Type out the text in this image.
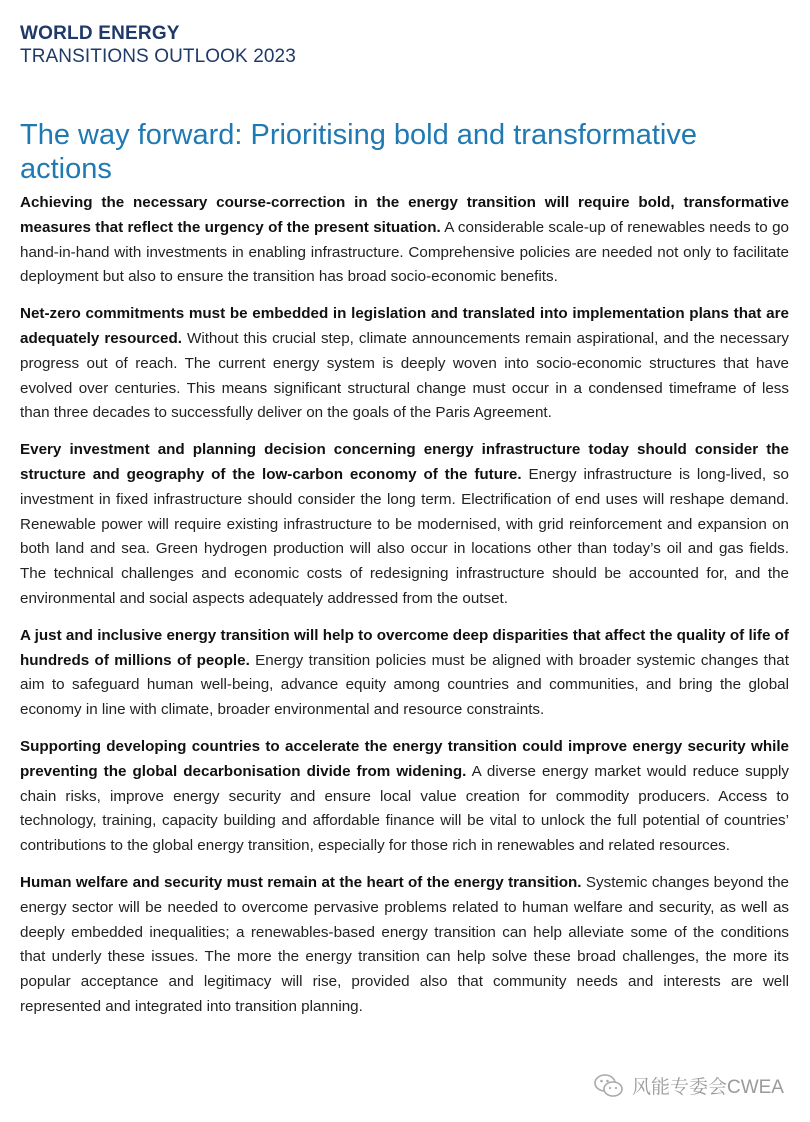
WORLD ENERGY
TRANSITIONS OUTLOOK 2023
The way forward: Prioritising bold and transformative actions

Achieving the necessary course-correction in the energy transition will require bold, transformative measures that reflect the urgency of the present situation. A considerable scale-up of renewables needs to go hand-in-hand with investments in enabling infrastructure. Comprehensive policies are needed not only to facilitate deployment but also to ensure the transition has broad socio-economic benefits.

Net-zero commitments must be embedded in legislation and translated into implementation plans that are adequately resourced. Without this crucial step, climate announcements remain aspirational, and the necessary progress out of reach. The current energy system is deeply woven into socio-economic structures that have evolved over centuries. This means significant structural change must occur in a condensed timeframe of less than three decades to successfully deliver on the goals of the Paris Agreement.

Every investment and planning decision concerning energy infrastructure today should consider the structure and geography of the low-carbon economy of the future. Energy infrastructure is long-lived, so investment in fixed infrastructure should consider the long term. Electrification of end uses will reshape demand. Renewable power will require existing infrastructure to be modernised, with grid reinforcement and expansion on both land and sea. Green hydrogen production will also occur in locations other than today’s oil and gas fields. The technical challenges and economic costs of redesigning infrastructure should be accounted for, and the environmental and social aspects adequately addressed from the outset.

A just and inclusive energy transition will help to overcome deep disparities that affect the quality of life of hundreds of millions of people. Energy transition policies must be aligned with broader systemic changes that aim to safeguard human well-being, advance equity among countries and communities, and bring the global economy in line with climate, broader environmental and resource constraints.

Supporting developing countries to accelerate the energy transition could improve energy security while preventing the global decarbonisation divide from widening. A diverse energy market would reduce supply chain risks, improve energy security and ensure local value creation for commodity producers. Access to technology, training, capacity building and affordable finance will be vital to unlock the full potential of countries’ contributions to the global energy transition, especially for those rich in renewables and related resources.

Human welfare and security must remain at the heart of the energy transition. Systemic changes beyond the energy sector will be needed to overcome pervasive problems related to human welfare and security, as well as deeply embedded inequalities; a renewables-based energy transition can help alleviate some of the conditions that underly these issues. The more the energy transition can help solve these broad challenges, the more its popular acceptance and legitimacy will rise, provided also that community needs and interests are well represented and integrated into transition planning.

风能专委会CWEA
